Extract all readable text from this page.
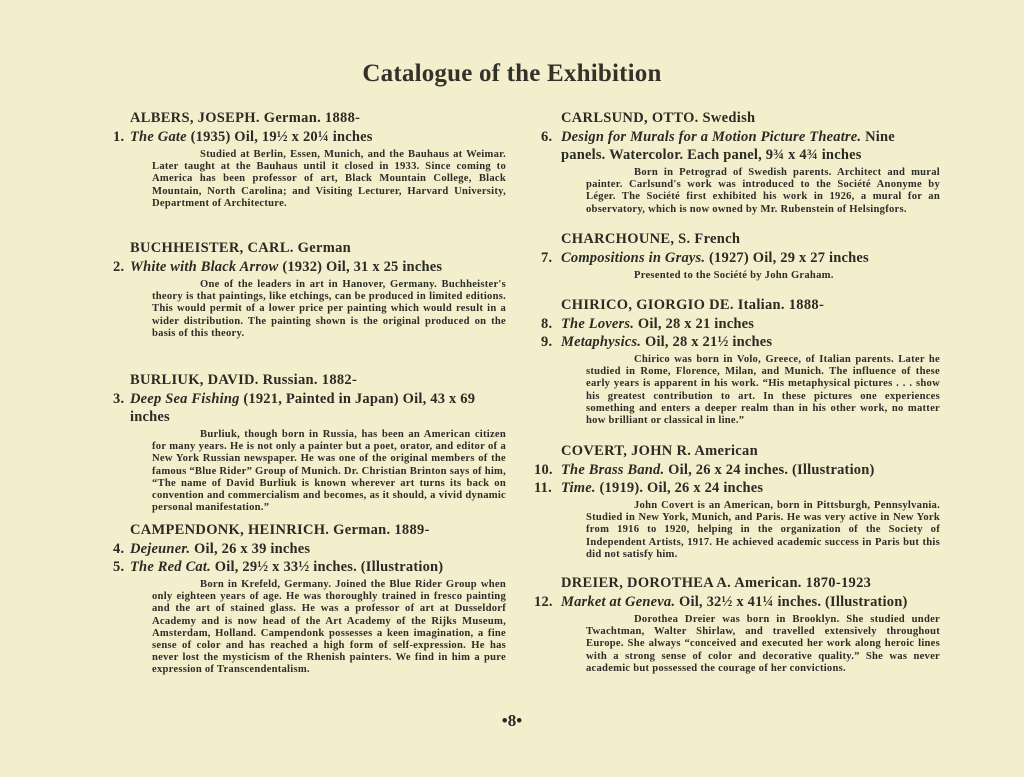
Catalogue of the Exhibition
ALBERS, JOSEPH. German. 1888-
1. The Gate (1935) Oil, 19½ x 20¼ inches
Studied at Berlin, Essen, Munich, and the Bauhaus at Weimar. Later taught at the Bauhaus until it closed in 1933. Since coming to America has been professor of art, Black Mountain College, Black Mountain, North Carolina; and Visiting Lecturer, Harvard University, Department of Architecture.
BUCHHEISTER, CARL. German
2. White with Black Arrow (1932) Oil, 31 x 25 inches
One of the leaders in art in Hanover, Germany. Buchheister's theory is that paintings, like etchings, can be produced in limited editions. This would permit of a lower price per painting which would result in a wider distribution. The painting shown is the original produced on the basis of this theory.
BURLIUK, DAVID. Russian. 1882-
3. Deep Sea Fishing (1921, Painted in Japan) Oil, 43 x 69 inches
Burliuk, though born in Russia, has been an American citizen for many years. He is not only a painter but a poet, orator, and editor of a New York Russian newspaper. He was one of the original members of the famous “Blue Rider” Group of Munich. Dr. Christian Brinton says of him, “The name of David Burliuk is known wherever art turns its back on convention and commercialism and becomes, as it should, a vivid dynamic personal manifestation.”
CAMPENDONK, HEINRICH. German. 1889-
4. Dejeuner. Oil, 26 x 39 inches
5. The Red Cat. Oil, 29½ x 33½ inches. (Illustration)
Born in Krefeld, Germany. Joined the Blue Rider Group when only eighteen years of age. He was thoroughly trained in fresco painting and the art of stained glass. He was a professor of art at Dusseldorf Academy and is now head of the Art Academy of the Rijks Museum, Amsterdam, Holland. Campendonk possesses a keen imagination, a fine sense of color and has reached a high form of self-expression. He has never lost the mysticism of the Rhenish painters. We find in him a pure expression of Transcendentalism.
CARLSUND, OTTO. Swedish
6. Design for Murals for a Motion Picture Theatre. Nine panels. Watercolor. Each panel, 9¾ x 4¾ inches
Born in Petrograd of Swedish parents. Architect and mural painter. Carlsund's work was introduced to the Société Anonyme by Léger. The Société first exhibited his work in 1926, a mural for an observatory, which is now owned by Mr. Rubenstein of Helsingfors.
CHARCHOUNE, S. French
7. Compositions in Grays. (1927) Oil, 29 x 27 inches
Presented to the Société by John Graham.
CHIRICO, GIORGIO DE. Italian. 1888-
8. The Lovers. Oil, 28 x 21 inches
9. Metaphysics. Oil, 28 x 21½ inches
Chirico was born in Volo, Greece, of Italian parents. Later he studied in Rome, Florence, Milan, and Munich. The influence of these early years is apparent in his work. “His metaphysical pictures . . . show his greatest contribution to art. In these pictures one experiences something and enters a deeper realm than in his other work, no matter how brilliant or classical in line.”
COVERT, JOHN R. American
10. The Brass Band. Oil, 26 x 24 inches. (Illustration)
11. Time. (1919). Oil, 26 x 24 inches
John Covert is an American, born in Pittsburgh, Pennsylvania. Studied in New York, Munich, and Paris. He was very active in New York from 1916 to 1920, helping in the organization of the Society of Independent Artists, 1917. He achieved academic success in Paris but this did not satisfy him.
DREIER, DOROTHEA A. American. 1870-1923
12. Market at Geneva. Oil, 32½ x 41¼ inches. (Illustration)
Dorothea Dreier was born in Brooklyn. She studied under Twachtman, Walter Shirlaw, and travelled extensively throughout Europe. She always “conceived and executed her work along heroic lines with a strong sense of color and decorative quality.” She was never academic but possessed the courage of her convictions.
•8•
